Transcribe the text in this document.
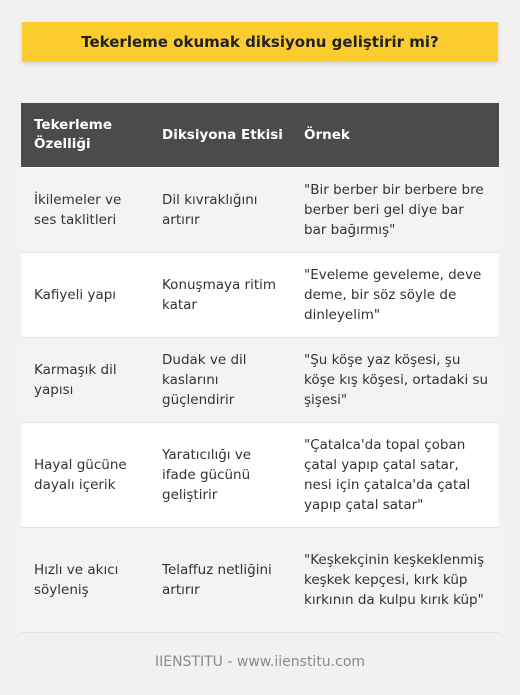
Tekerleme okumak diksiyonu geliştirir mi?
Tekerleme Özelliği	Diksiyona Etkisi	Örnek
İkilemeler ve ses taklitleri	Dil kıvraklığını artırır	"Bir berber bir berbere bre berber beri gel diye bar bar bağırmış"
Kafiyeli yapı	Konuşmaya ritim katar	"Eveleme geveleme, deve deme, bir söz söyle de dinleyelim"
Karmaşık dil yapısı	Dudak ve dil kaslarını güçlendirir	"Şu köşe yaz köşesi, şu köşe kış köşesi, ortadaki su şişesi"
Hayal gücüne dayalı içerik	Yaratıcılığı ve ifade gücünü geliştirir	"Çatalca'da topal çoban çatal yapıp çatal satar, nesi için çatalca'da çatal yapıp çatal satar"
Hızlı ve akıcı söyleniş	Telaffuz netliğini artırır	"Keşkekçinin keşkeklenmiş keşkek kepçesi, kırk küp kırkının da kulpu kırık küp"
IIENSTITU - www.iienstitu.com
